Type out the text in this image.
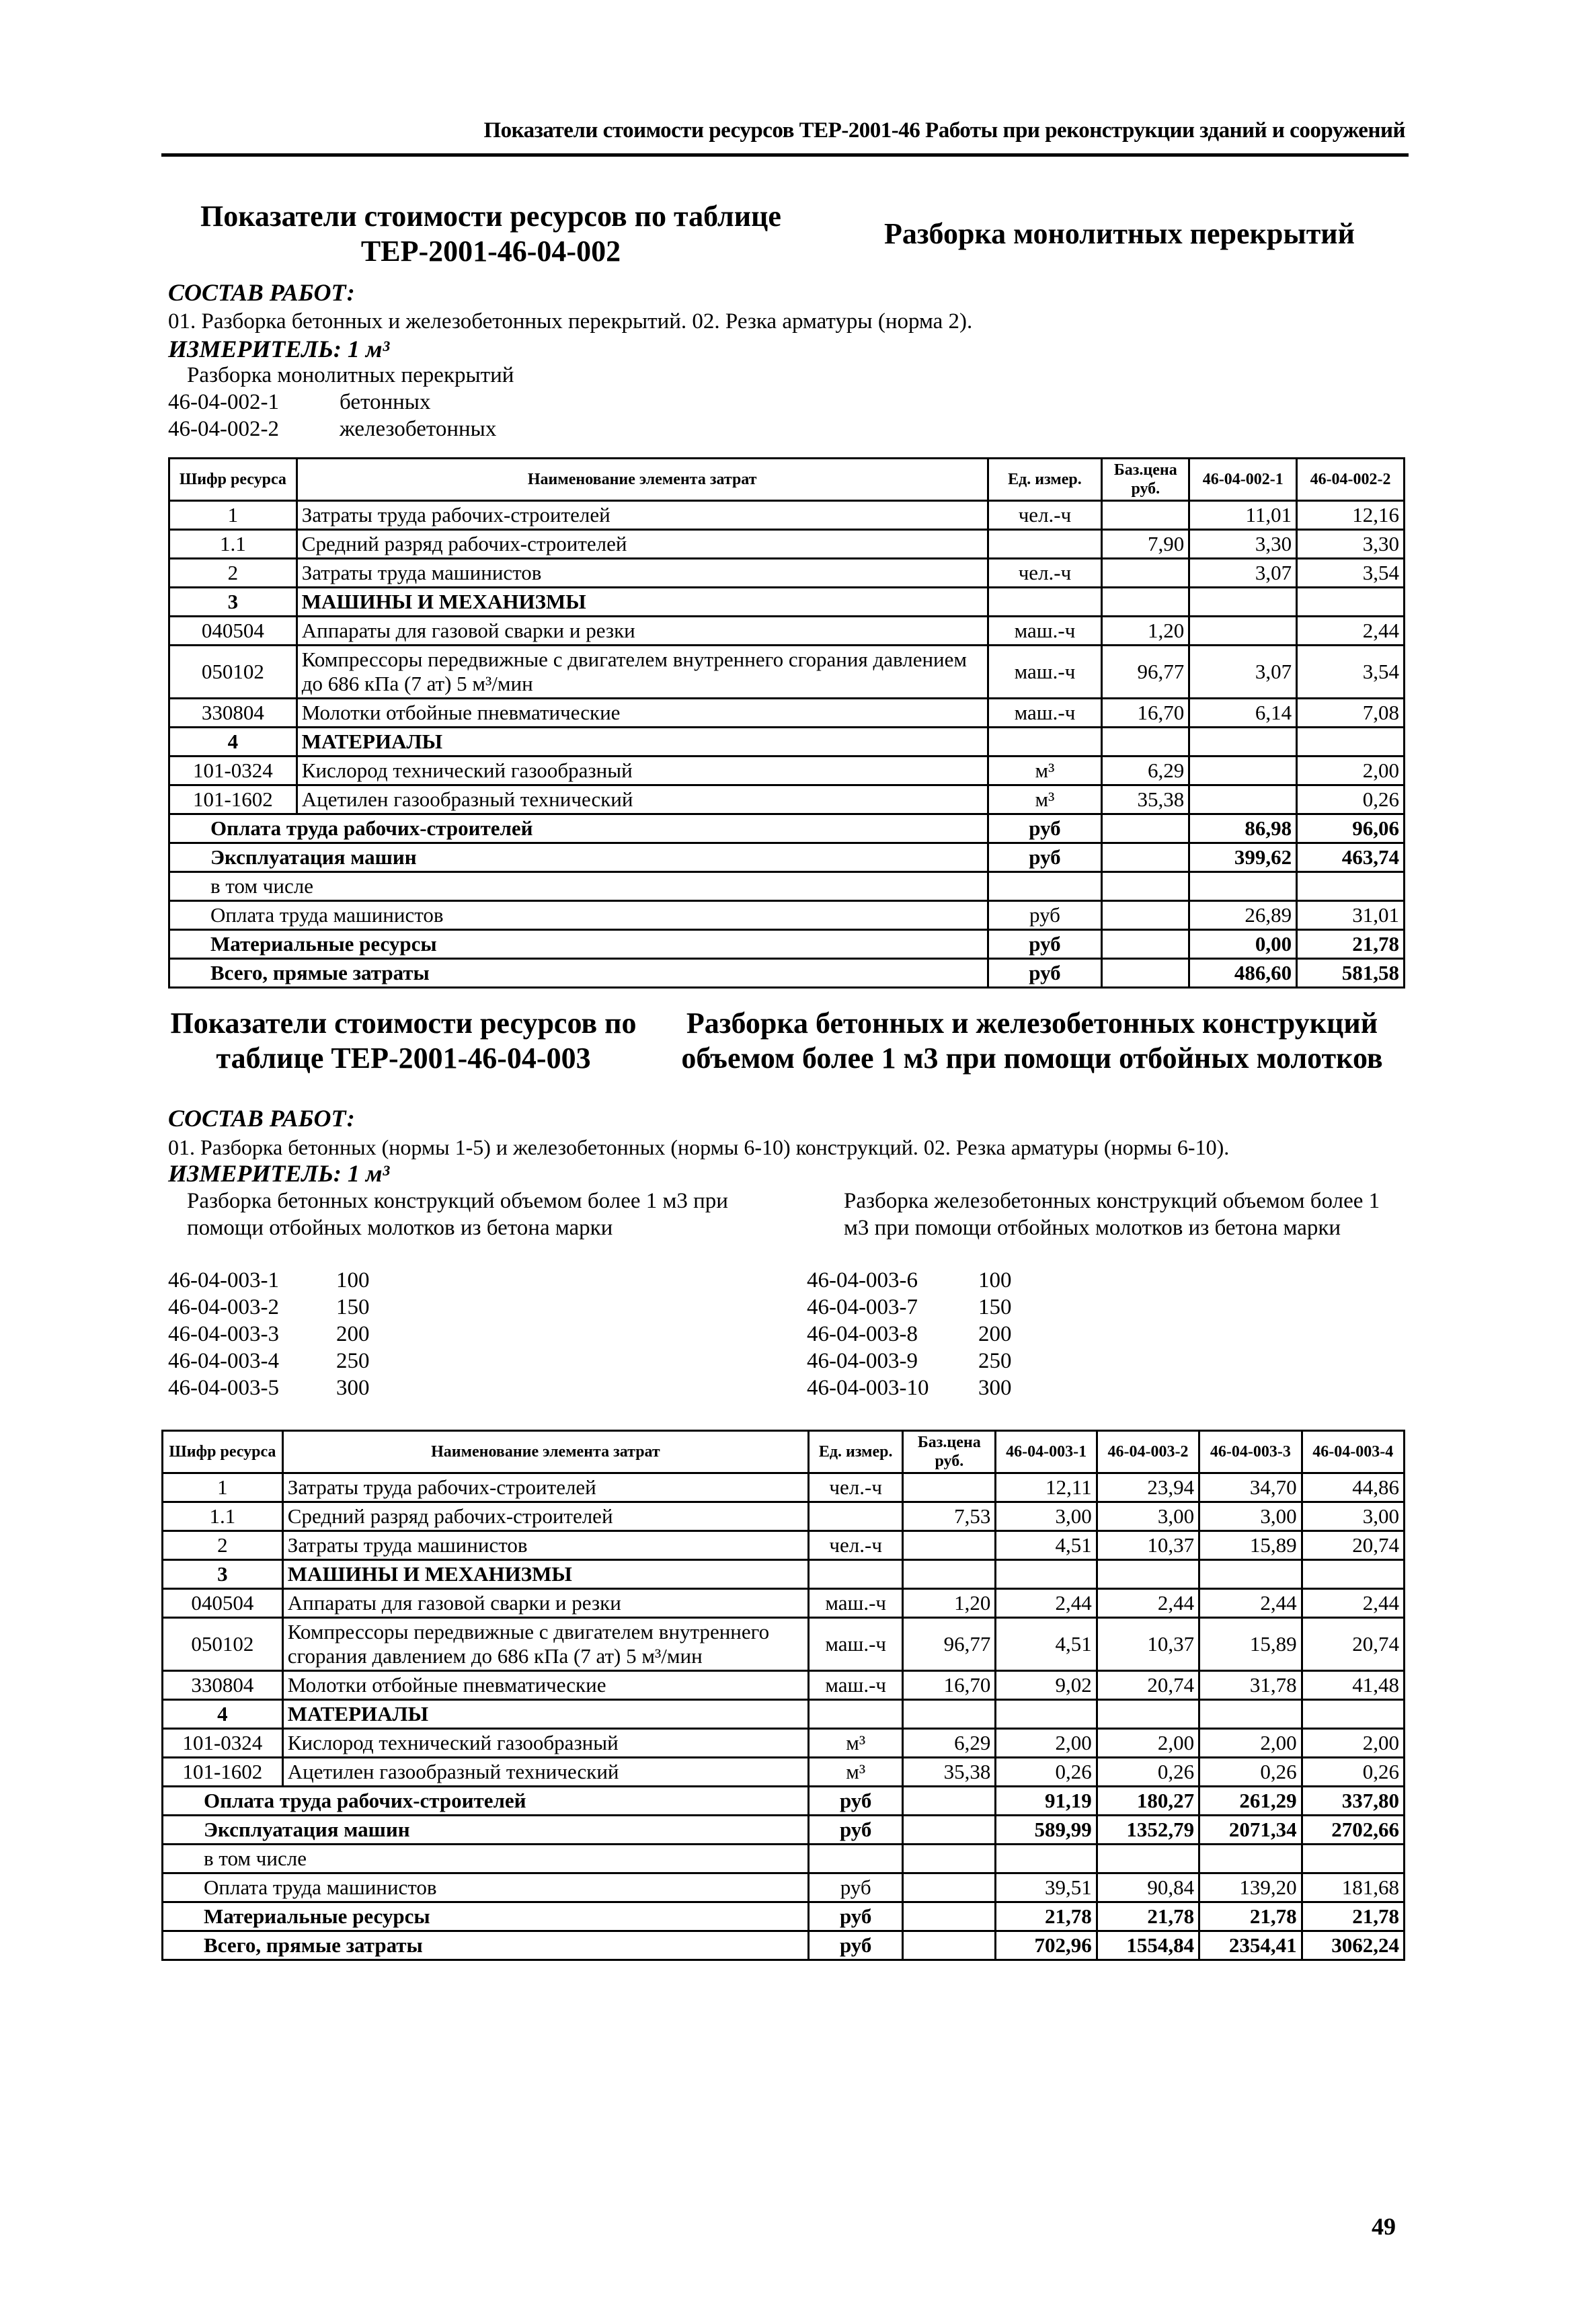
Показатели стоимости ресурсов ТЕР-2001-46 Работы при реконструкции зданий и сооружений
Показатели стоимости ресурсов по таблице
ТЕР-2001-46-04-002
Разборка монолитных перекрытий
СОСТАВ РАБОТ:
01. Разборка бетонных и железобетонных перекрытий. 02. Резка арматуры (норма 2).
ИЗМЕРИТЕЛЬ: 1 м³
Разборка монолитных перекрытий
46-04-002-1	бетонных
46-04-002-2	железобетонных
Шифр ресурса	Наименование элемента затрат	Ед. измер.	Баз.цена руб.	46-04-002-1	46-04-002-2
1	Затраты труда рабочих-строителей	чел.-ч		11,01	12,16
1.1	Средний разряд рабочих-строителей		7,90	3,30	3,30
2	Затраты труда машинистов	чел.-ч		3,07	3,54
3	МАШИНЫ И МЕХАНИЗМЫ				
040504	Аппараты для газовой сварки и резки	маш.-ч	1,20		2,44
050102	Компрессоры передвижные с двигателем внутреннего сгорания давлением до 686 кПа (7 ат) 5 м³/мин	маш.-ч	96,77	3,07	3,54
330804	Молотки отбойные пневматические	маш.-ч	16,70	6,14	7,08
4	МАТЕРИАЛЫ				
101-0324	Кислород технический газообразный	м³	6,29		2,00
101-1602	Ацетилен газообразный технический	м³	35,38		0,26
Оплата труда рабочих-строителей		руб		86,98	96,06
Эксплуатация машин		руб		399,62	463,74
в том числе					
Оплата труда машинистов		руб		26,89	31,01
Материальные ресурсы		руб		0,00	21,78
Всего, прямые затраты		руб		486,60	581,58
Показатели стоимости ресурсов по
таблице ТЕР-2001-46-04-003
Разборка бетонных и железобетонных конструкций
объемом более 1 м3 при помощи отбойных молотков
СОСТАВ РАБОТ:
01. Разборка бетонных (нормы 1-5) и железобетонных (нормы 6-10) конструкций. 02. Резка арматуры (нормы 6-10).
ИЗМЕРИТЕЛЬ: 1 м³
Разборка бетонных конструкций объемом более 1 м3 при помощи отбойных молотков из бетона марки
Разборка железобетонных конструкций объемом более 1 м3 при помощи отбойных молотков из бетона марки
46-04-003-1	100
46-04-003-2	150
46-04-003-3	200
46-04-003-4	250
46-04-003-5	300
46-04-003-6	100
46-04-003-7	150
46-04-003-8	200
46-04-003-9	250
46-04-003-10 300
Шифр ресурса	Наименование элемента затрат	Ед. измер.	Баз.цена руб.	46-04-003-1	46-04-003-2	46-04-003-3	46-04-003-4
1	Затраты труда рабочих-строителей	чел.-ч		12,11	23,94	34,70	44,86
1.1	Средний разряд рабочих-строителей		7,53	3,00	3,00	3,00	3,00
2	Затраты труда машинистов	чел.-ч		4,51	10,37	15,89	20,74
3	МАШИНЫ И МЕХАНИЗМЫ						
040504	Аппараты для газовой сварки и резки	маш.-ч	1,20	2,44	2,44	2,44	2,44
050102	Компрессоры передвижные с двигателем внутреннего сгорания давлением до 686 кПа (7 ат) 5 м³/мин	маш.-ч	96,77	4,51	10,37	15,89	20,74
330804	Молотки отбойные пневматические	маш.-ч	16,70	9,02	20,74	31,78	41,48
4	МАТЕРИАЛЫ						
101-0324	Кислород технический газообразный	м³	6,29	2,00	2,00	2,00	2,00
101-1602	Ацетилен газообразный технический	м³	35,38	0,26	0,26	0,26	0,26
Оплата труда рабочих-строителей		руб		91,19	180,27	261,29	337,80
Эксплуатация машин		руб		589,99	1352,79	2071,34	2702,66
в том числе							
Оплата труда машинистов		руб		39,51	90,84	139,20	181,68
Материальные ресурсы		руб		21,78	21,78	21,78	21,78
Всего, прямые затраты		руб		702,96	1554,84	2354,41	3062,24
49
